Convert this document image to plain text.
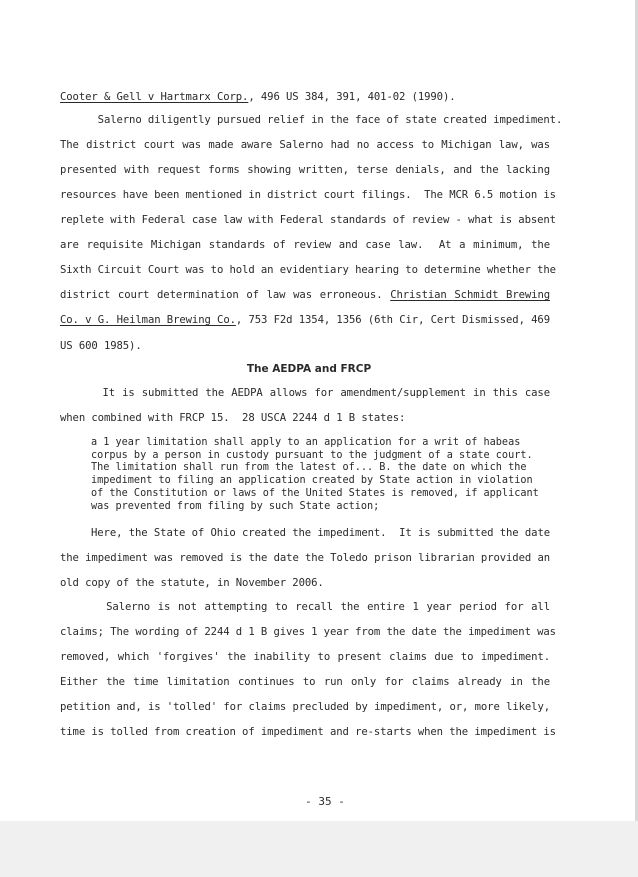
Cooter & Gell v Hartmarx Corp., 496 US 384, 391, 401-02 (1990).
Salerno diligently pursued relief in the face of state created impediment.
The district court was made aware Salerno had no access to Michigan law, was
presented with request forms showing written, terse denials, and the lacking
resources have been mentioned in district court filings.  The MCR 6.5 motion is
replete with Federal case law with Federal standards of review - what is absent
are requisite Michigan standards of review and case law.  At a minimum, the
Sixth Circuit Court was to hold an evidentiary hearing to determine whether the
district court determination of law was erroneous. Christian Schmidt Brewing
Co. v G. Heilman Brewing Co., 753 F2d 1354, 1356 (6th Cir, Cert Dismissed, 469
US 600 1985).
The AEDPA and FRCP
It is submitted the AEDPA allows for amendment/supplement in this case
when combined with FRCP 15.  28 USCA 2244 d 1 B states:
a 1 year limitation shall apply to an application for a writ of habeas
corpus by a person in custody pursuant to the judgment of a state court.
The limitation shall run from the latest of... B. the date on which the
impediment to filing an application created by State action in violation
of the Constitution or laws of the United States is removed, if applicant
was prevented from filing by such State action;
Here, the State of Ohio created the impediment.  It is submitted the date
the impediment was removed is the date the Toledo prison librarian provided an
old copy of the statute, in November 2006.
Salerno is not attempting to recall the entire 1 year period for all
claims; The wording of 2244 d 1 B gives 1 year from the date the impediment was
removed, which 'forgives' the inability to present claims due to impediment.
Either the time limitation continues to run only for claims already in the
petition and, is 'tolled' for claims precluded by impediment, or, more likely,
time is tolled from creation of impediment and re-starts when the impediment is
- 35 -
